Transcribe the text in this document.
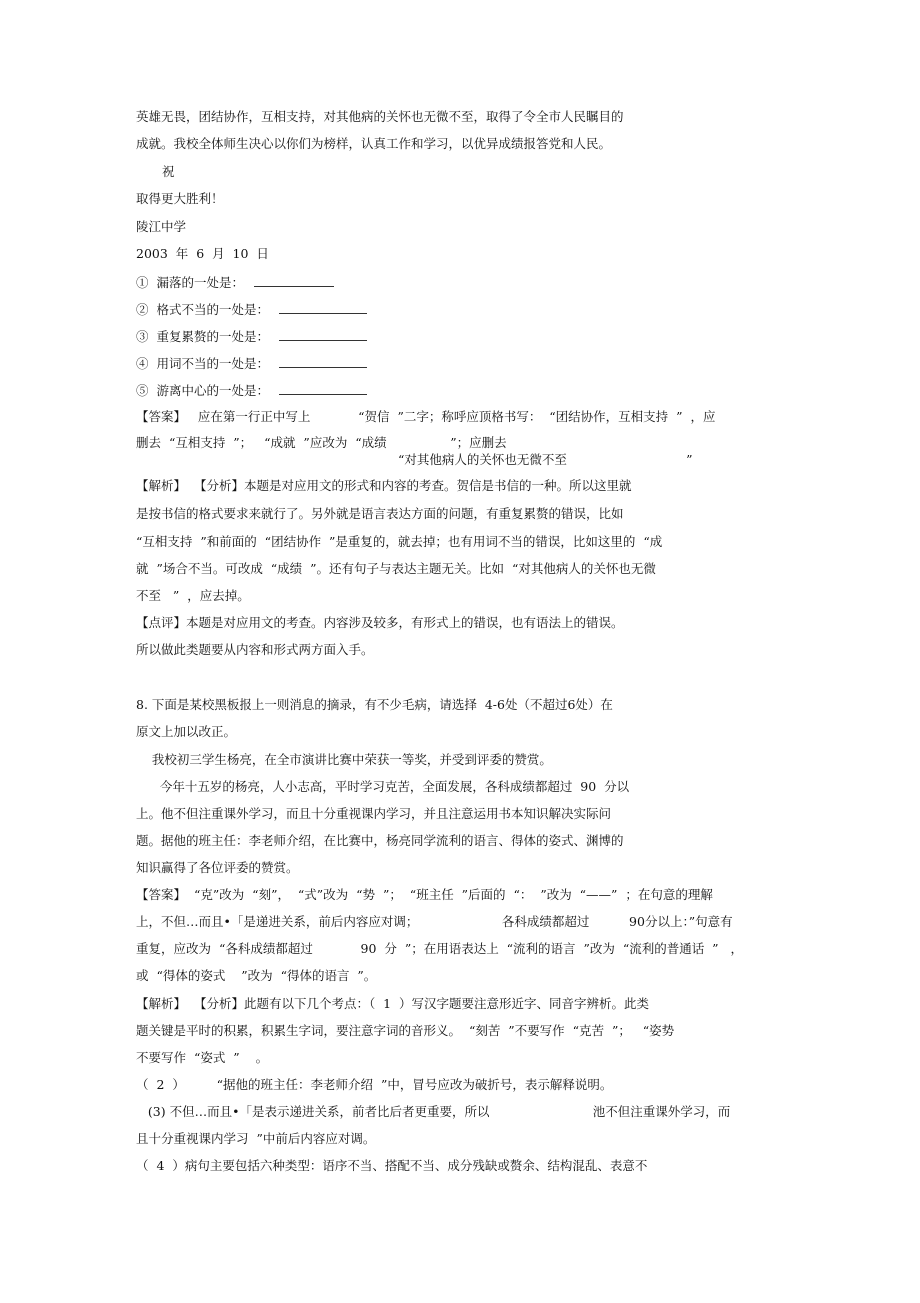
英雄无畏，团结协作，互相支持，对其他病的关怀也无微不至，取得了令全市人民瞩目的
成就。我校全体师生决心以你们为榜样，认真工作和学习，以优异成绩报答党和人民。
祝
取得更大胜利！
陵江中学
2003  年  6  月  10  日
①  漏落的一处是：
②  格式不当的一处是：
③  重复累赘的一处是：
④  用词不当的一处是：
⑤  游离中心的一处是：
【答案】   应在第一行正中写上            “贺信  ”二字；称呼应顶格书写：  “团结协作，互相支持  ”  ，应
删去  “互相支持  ”；   “成就  ”应改为  “成绩                ”；应删去
“对其他病人的关怀也无微不至                              ”
【解析】  【分析】本题是对应用文的形式和内容的考查。贺信是书信的一种。所以这里就
是按书信的格式要求来就行了。另外就是语言表达方面的问题，有重复累赘的错误，比如
“互相支持  ”和前面的  “团结协作  ”是重复的，就去掉；也有用词不当的错误，比如这里的  “成
就  ”场合不当。可改成  “成绩  ”。还有句子与表达主题无关。比如  “对其他病人的关怀也无微
不至   ”  ，应去掉。
【点评】本题是对应用文的考查。内容涉及较多，有形式上的错误，也有语法上的错误。
所以做此类题要从内容和形式两方面入手。
8. 下面是某校黑板报上一则消息的摘录，有不少毛病，请选择  4-6处（不超过6处）在
原文上加以改正。
我校初三学生杨亮，在全市演讲比赛中荣获一等奖，并受到评委的赞赏。
今年十五岁的杨亮，人小志高，平时学习克苦，全面发展，各科成绩都超过  90  分以
上。他不但注重课外学习，而且十分重视课内学习，并且注意运用书本知识解决实际问
题。据他的班主任：李老师介绍，在比赛中，杨亮同学流利的语言、得体的姿式、渊博的
知识赢得了各位评委的赞赏。
【答案】  “克”改为  “刻”，  “式”改为  “势  ”；  “班主任  ”后面的  “：  ”改为  “——”  ；在句意的理解
上，不但…而且•「是递进关系，前后内容应对调；                     各科成绩都超过          90分以上：”句意有
重复，应改为  “各科成绩都超过            90  分  ”；在用语表达上  “流利的语言  ”改为  “流利的普通话  ”   ，
或  “得体的姿式    ”改为  “得体的语言  ”。
【解析】  【分析】此题有以下几个考点：（  1  ）写汉字题要注意形近字、同音字辨析。此类
题关键是平时的积累，积累生字词，要注意字词的音形义。  “刻苦  ”不要写作  “克苦  ”；   “姿势
不要写作  “姿式  ”    。
（  2  ）        “据他的班主任：李老师介绍  ”中，冒号应改为破折号，表示解释说明。
(3) 不但…而且•「是表示递进关系，前者比后者更重要，所以                          池不但注重课外学习，而
且十分重视课内学习  ”中前后内容应对调。
（  4  ）病句主要包括六种类型：语序不当、搭配不当、成分残缺或赘余、结构混乱、表意不
